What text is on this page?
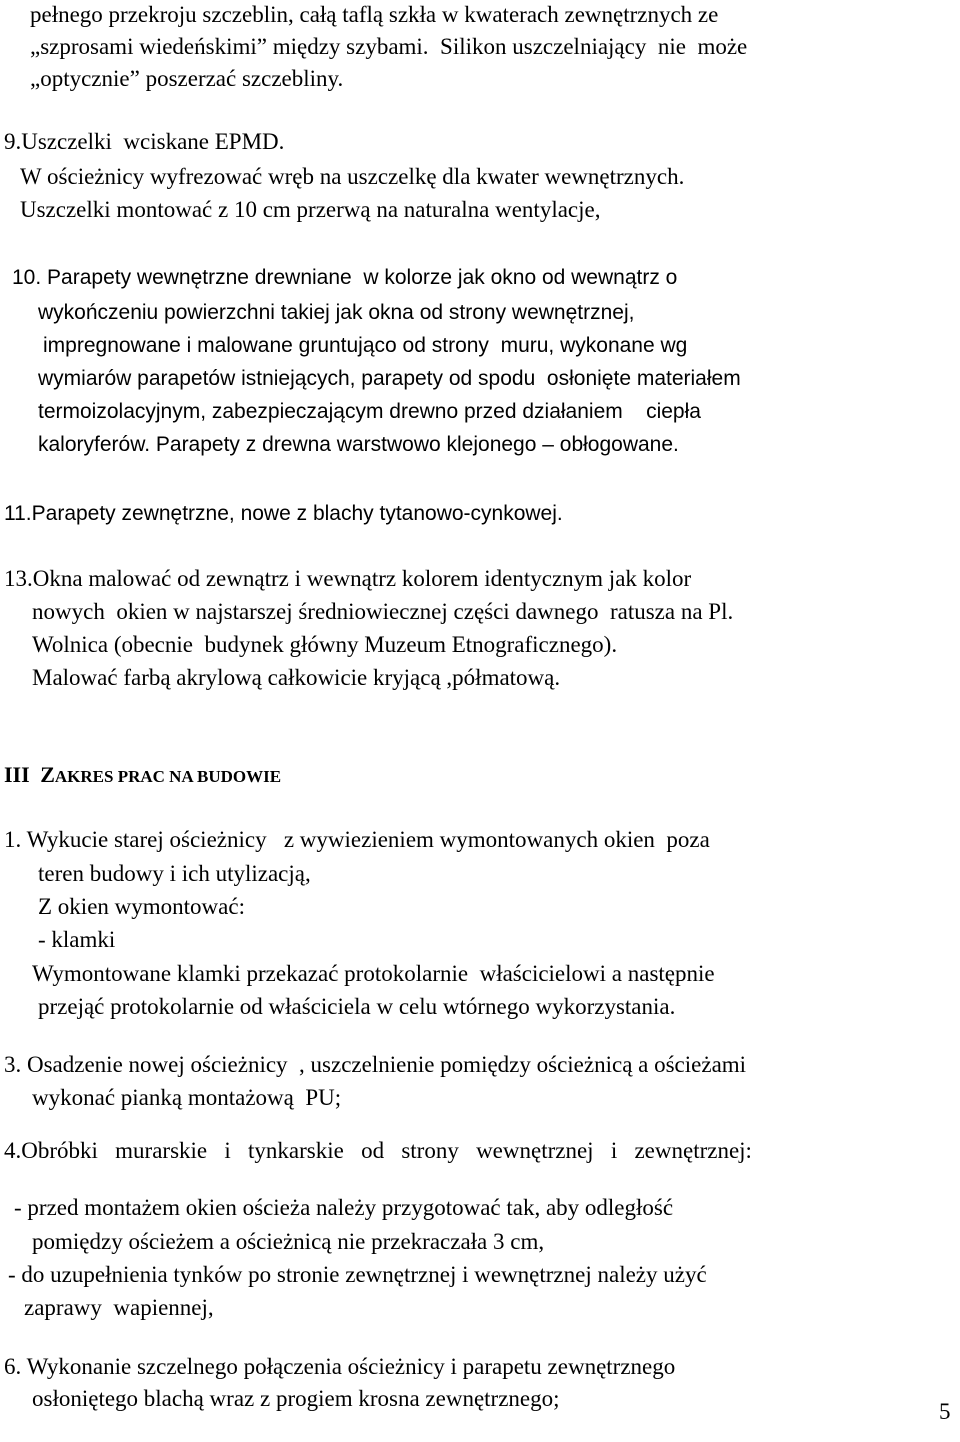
pełnego przekroju szczeblin, całą taflą szkła w kwaterach zewnętrznych ze
„szprosami wiedeńskimi” między szybami.  Silikon uszczelniający  nie  może
„optycznie” poszerzać szczebliny.
9.Uszczelki  wciskane EPMD.
W ościeżnicy wyfrezować wręb na uszczelkę dla kwater wewnętrznych.
Uszczelki montować z 10 cm przerwą na naturalna wentylacje,
10. Parapety wewnętrzne drewniane  w kolorze jak okno od wewnątrz o
wykończeniu powierzchni takiej jak okna od strony wewnętrznej,
impregnowane i malowane gruntująco od strony  muru, wykonane wg
wymiarów parapetów istniejących, parapety od spodu  osłonięte materiałem
termoizolacyjnym, zabezpieczającym drewno przed działaniem    ciepła
kaloryferów. Parapety z drewna warstwowo klejonego – obłogowane.
11.Parapety zewnętrzne, nowe z blachy tytanowo-cynkowej.
13.Okna malować od zewnątrz i wewnątrz kolorem identycznym jak kolor
nowych  okien w najstarszej średniowiecznej części dawnego  ratusza na Pl.
Wolnica (obecnie  budynek główny Muzeum Etnograficznego).
Malować farbą akrylową całkowicie kryjącą ,półmatową.
III ZAKRES PRAC NA BUDOWIE
1. Wykucie starej ościeżnicy   z wywiezieniem wymontowanych okien  poza
teren budowy i ich utylizacją,
Z okien wymontować:
- klamki
Wymontowane klamki przekazać protokolarnie  właścicielowi a następnie
przejąć protokolarnie od właściciela w celu wtórnego wykorzystania.
3. Osadzenie nowej ościeżnicy  , uszczelnienie pomiędzy ościeżnicą a ościeżami
wykonać pianką montażową  PU;
4.Obróbki   murarskie   i   tynkarskie   od   strony   wewnętrznej   i   zewnętrznej:
- przed montażem okien ościeża należy przygotować tak, aby odległość
pomiędzy ościeżem a ościeżnicą nie przekraczała 3 cm,
- do uzupełnienia tynków po stronie zewnętrznej i wewnętrznej należy użyć
zaprawy  wapiennej,
6. Wykonanie szczelnego połączenia ościeżnicy i parapetu zewnętrznego
osłoniętego blachą wraz z progiem krosna zewnętrznego;
5
